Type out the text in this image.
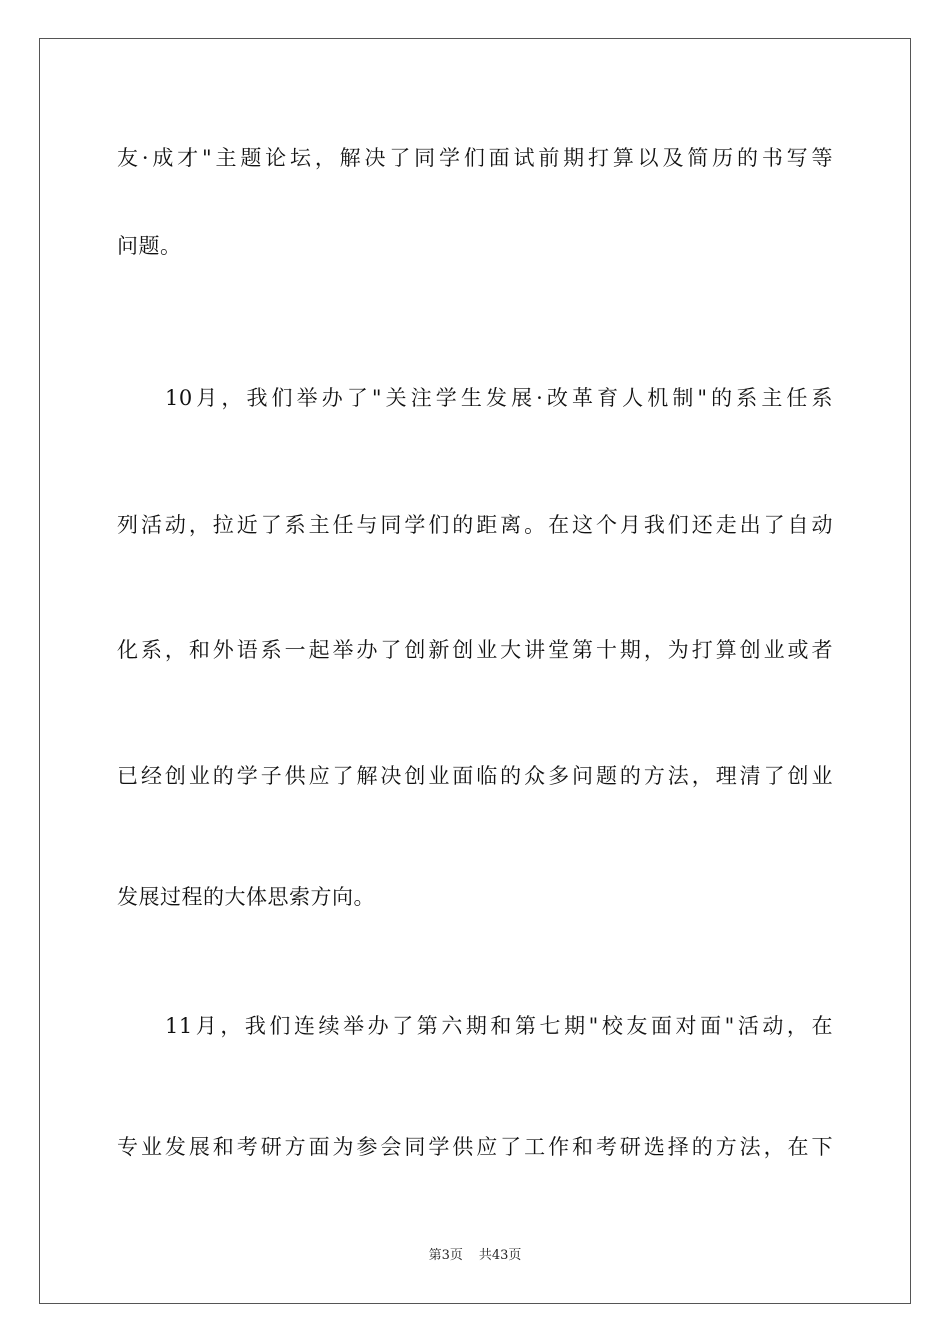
友·成才"主题论坛，解决了同学们面试前期打算以及简历的书写等
问题。
10月，我们举办了"关注学生发展·改革育人机制"的系主任系
列活动，拉近了系主任与同学们的距离。在这个月我们还走出了自动
化系，和外语系一起举办了创新创业大讲堂第十期，为打算创业或者
已经创业的学子供应了解决创业面临的众多问题的方法，理清了创业
发展过程的大体思索方向。
11月，我们连续举办了第六期和第七期"校友面对面"活动，在
专业发展和考研方面为参会同学供应了工作和考研选择的方法，在下
第3页 共43页
